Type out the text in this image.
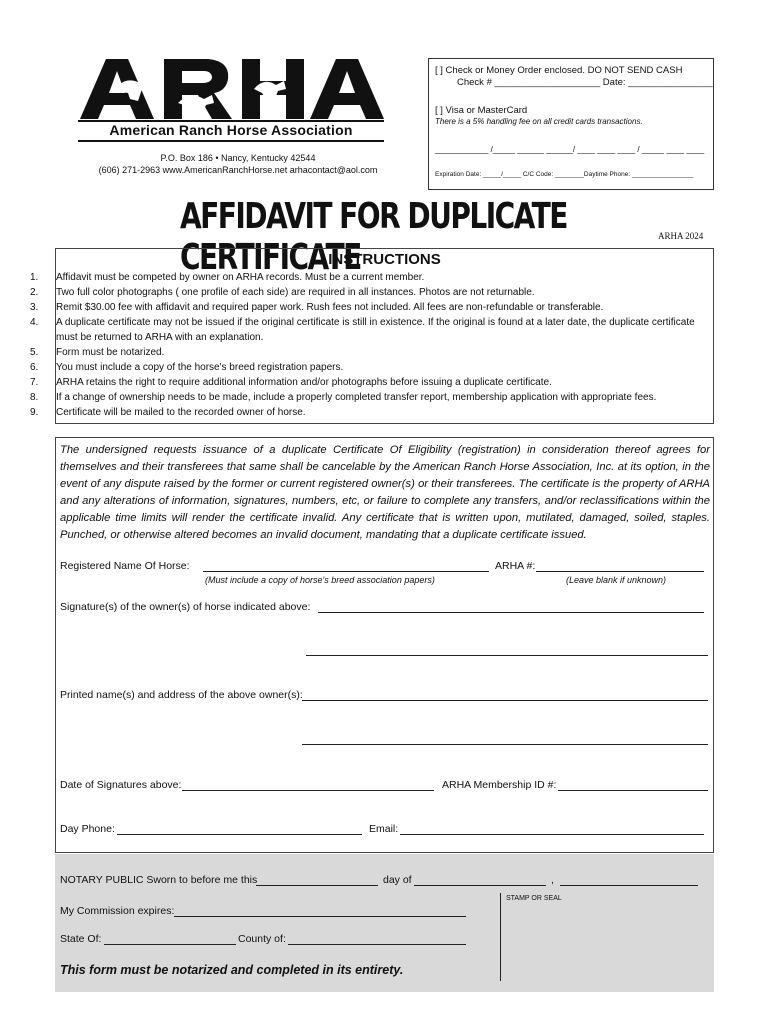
American Ranch Horse Association
P.O. Box 186 • Nancy, Kentucky 42544
(606) 271-2963 www.AmericanRanchHorse.net arhacontact@aol.com
[ ] Check or Money Order enclosed. DO NOT SEND CASH
Check # ____________________ Date: ________________
[ ] Visa or MasterCard
There is a 5% handling fee on all credit cards transactions.
____________ /_____ ______ ______/ ____ ____ ____ / _____ ____ ____
Expiration Date: _____/_____ C/C Code: ________Daytime Phone: _________________
AFFIDAVIT FOR DUPLICATE CERTIFICATE
ARHA 2024
INSTRUCTIONS
1. Affidavit must be competed by owner on ARHA records. Must be a current member.
2. Two full color photographs ( one profile of each side) are required in all instances. Photos are not returnable.
3. Remit $30.00 fee with affidavit and required paper work. Rush fees not included. All fees are non-refundable or transferable.
4. A duplicate certificate may not be issued if the original certificate is still in existence. If the original is found at a later date, the duplicate certificate must be returned to ARHA with an explanation.
5. Form must be notarized.
6. You must include a copy of the horse's breed registration papers.
7. ARHA retains the right to require additional information and/or photographs before issuing a duplicate certificate.
8. If a change of ownership needs to be made, include a properly completed transfer report, membership application with appropriate fees.
9. Certificate will be mailed to the recorded owner of horse.

The undersigned requests issuance of a duplicate Certificate Of Eligibility (registration) in consideration thereof agrees for themselves and their transferees that same shall be cancelable by the American Ranch Horse Association, Inc. at its option, in the event of any dispute raised by the former or current registered owner(s) or their transferees. The certificate is the property of ARHA and any alterations of information, signatures, numbers, etc, or failure to complete any transfers, and/or reclassifications within the applicable time limits will render the certificate invalid. Any certificate that is written upon, mutilated, damaged, soiled, staples. Punched, or otherwise altered becomes an invalid document, mandating that a duplicate certificate issued.

Registered Name Of Horse:
(Must include a copy of horse's breed association papers)
ARHA #:
(Leave blank if unknown)
Signature(s) of the owner(s) of horse indicated above:
Printed name(s) and address of the above owner(s):
Date of Signatures above:	ARHA Membership ID #:
Day Phone:	Email:
NOTARY PUBLIC Sworn to before me this	day of	,
My Commission expires:
State Of:	County of:
STAMP OR SEAL
This form must be notarized and completed in its entirety.
